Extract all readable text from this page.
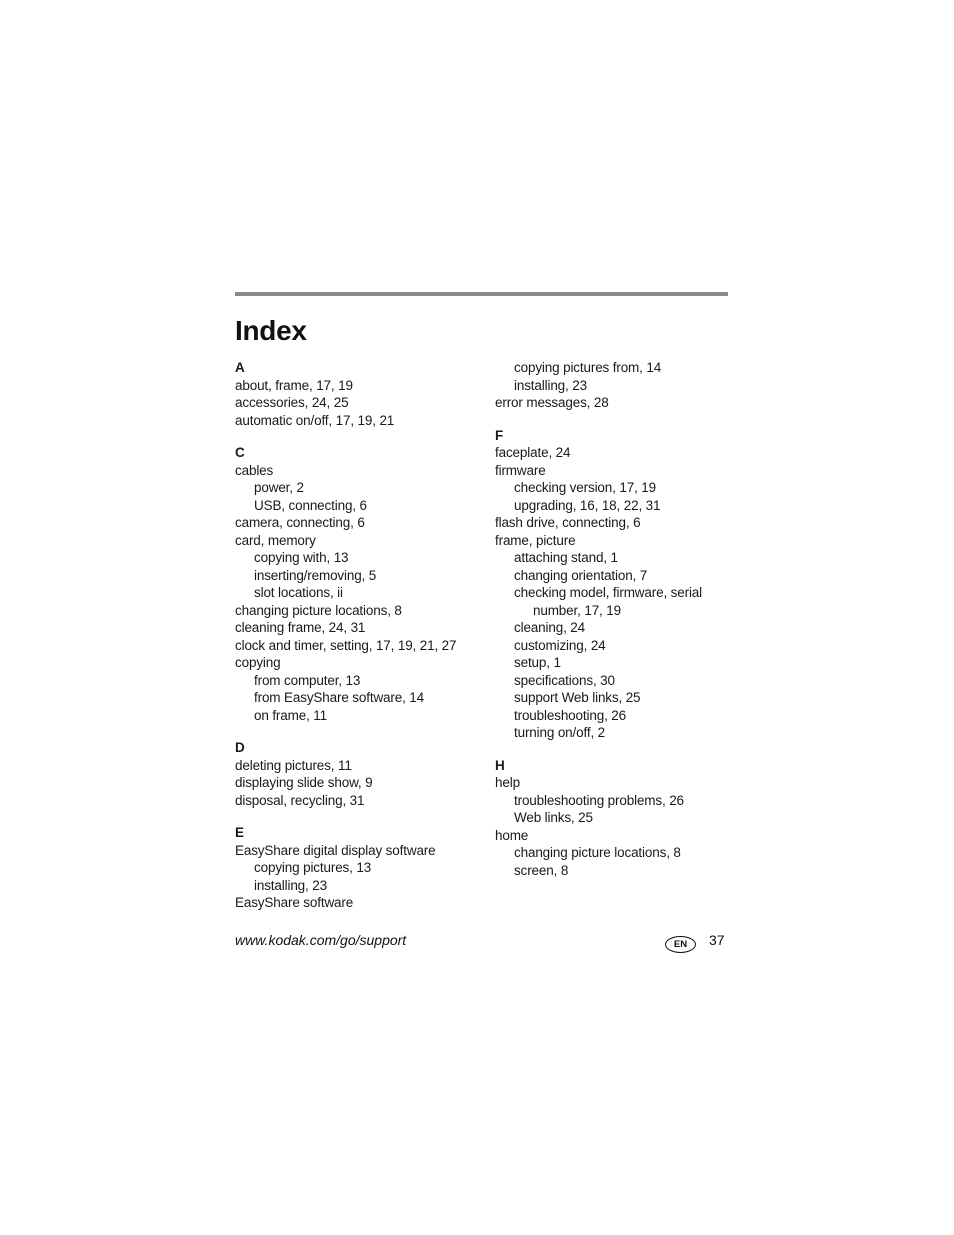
Index
A
about, frame, 17, 19
accessories, 24, 25
automatic on/off, 17, 19, 21
C
cables
power, 2
USB, connecting, 6
camera, connecting, 6
card, memory
copying with, 13
inserting/removing, 5
slot locations, ii
changing picture locations, 8
cleaning frame, 24, 31
clock and timer, setting, 17, 19, 21, 27
copying
from computer, 13
from EasyShare software, 14
on frame, 11
D
deleting pictures, 11
displaying slide show, 9
disposal, recycling, 31
E
EasyShare digital display software
copying pictures, 13
installing, 23
EasyShare software
copying pictures from, 14
installing, 23
error messages, 28
F
faceplate, 24
firmware
checking version, 17, 19
upgrading, 16, 18, 22, 31
flash drive, connecting, 6
frame, picture
attaching stand, 1
changing orientation, 7
checking model, firmware, serial
number, 17, 19
cleaning, 24
customizing, 24
setup, 1
specifications, 30
support Web links, 25
troubleshooting, 26
turning on/off, 2
H
help
troubleshooting problems, 26
Web links, 25
home
changing picture locations, 8
screen, 8
www.kodak.com/go/support	EN	37
